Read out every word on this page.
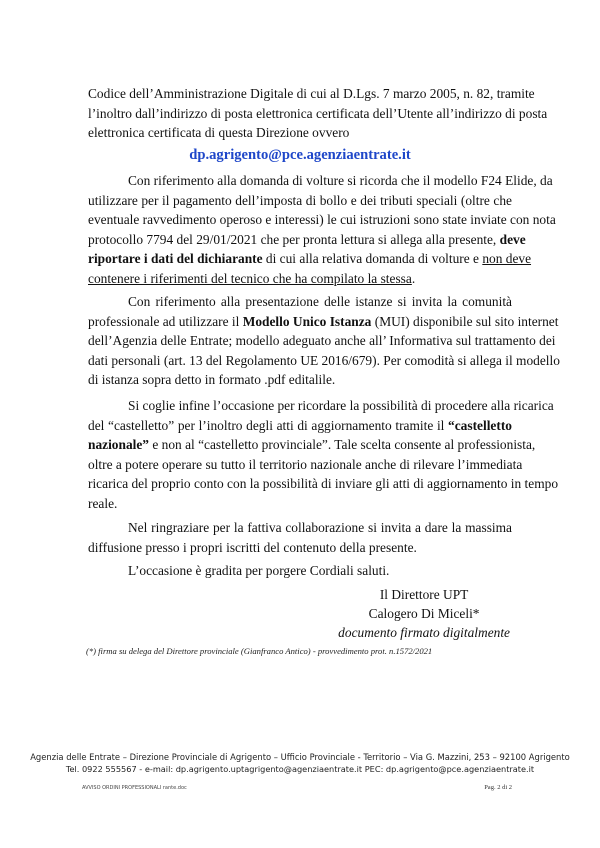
Codice dell’Amministrazione Digitale di cui al D.Lgs. 7 marzo 2005, n. 82, tramite
l’inoltro dall’indirizzo di posta elettronica certificata dell’Utente all’indirizzo di posta
elettronica certificata di questa Direzione ovvero
dp.agrigento@pce.agenziaentrate.it
Con riferimento alla domanda di volture si ricorda che il modello F24 Elide, da
utilizzare per il pagamento dell’imposta di bollo e dei tributi speciali (oltre che
eventuale ravvedimento operoso e interessi) le cui istruzioni sono state inviate con nota
protocollo 7794 del 29/01/2021 che per pronta lettura si allega alla presente, deve
riportare i dati del dichiarante di cui alla relativa domanda di volture e non deve
contenere i riferimenti del tecnico che ha compilato la stessa.
Con riferimento alla presentazione delle istanze si invita la comunità
professionale ad utilizzare il Modello Unico Istanza (MUI) disponibile sul sito internet
dell’Agenzia delle Entrate; modello adeguato anche all’ Informativa sul trattamento dei
dati personali (art. 13 del Regolamento UE 2016/679). Per comodità si allega il modello
di istanza sopra detto in formato .pdf editalile.
Si coglie infine l’occasione per ricordare la possibilità di procedere alla ricarica
del “castelletto” per l’inoltro degli atti di aggiornamento tramite il “castelletto
nazionale” e non al “castelletto provinciale”. Tale scelta consente al professionista,
oltre a potere operare su tutto il territorio nazionale anche di rilevare l’immediata
ricarica del proprio conto con la possibilità di inviare gli atti di aggiornamento in tempo
reale.
Nel ringraziare per la fattiva collaborazione si invita a dare la massima
diffusione presso i propri iscritti del contenuto della presente.
L’occasione è gradita per porgere Cordiali saluti.
Il Direttore UPT
Calogero Di Miceli*
documento firmato digitalmente
(*) firma su delega del Direttore provinciale (Gianfranco Antico) - provvedimento prot. n.1572/2021
Agenzia delle Entrate – Direzione Provinciale di Agrigento – Ufficio Provinciale - Territorio – Via G. Mazzini, 253 – 92100 Agrigento
Tel. 0922 555567 - e-mail: dp.agrigento.uptagrigento@agenziaentrate.it PEC: dp.agrigento@pce.agenziaentrate.it
AVVISO ORDINI PROFESSIONALI rante.doc	Pag. 2 di 2
